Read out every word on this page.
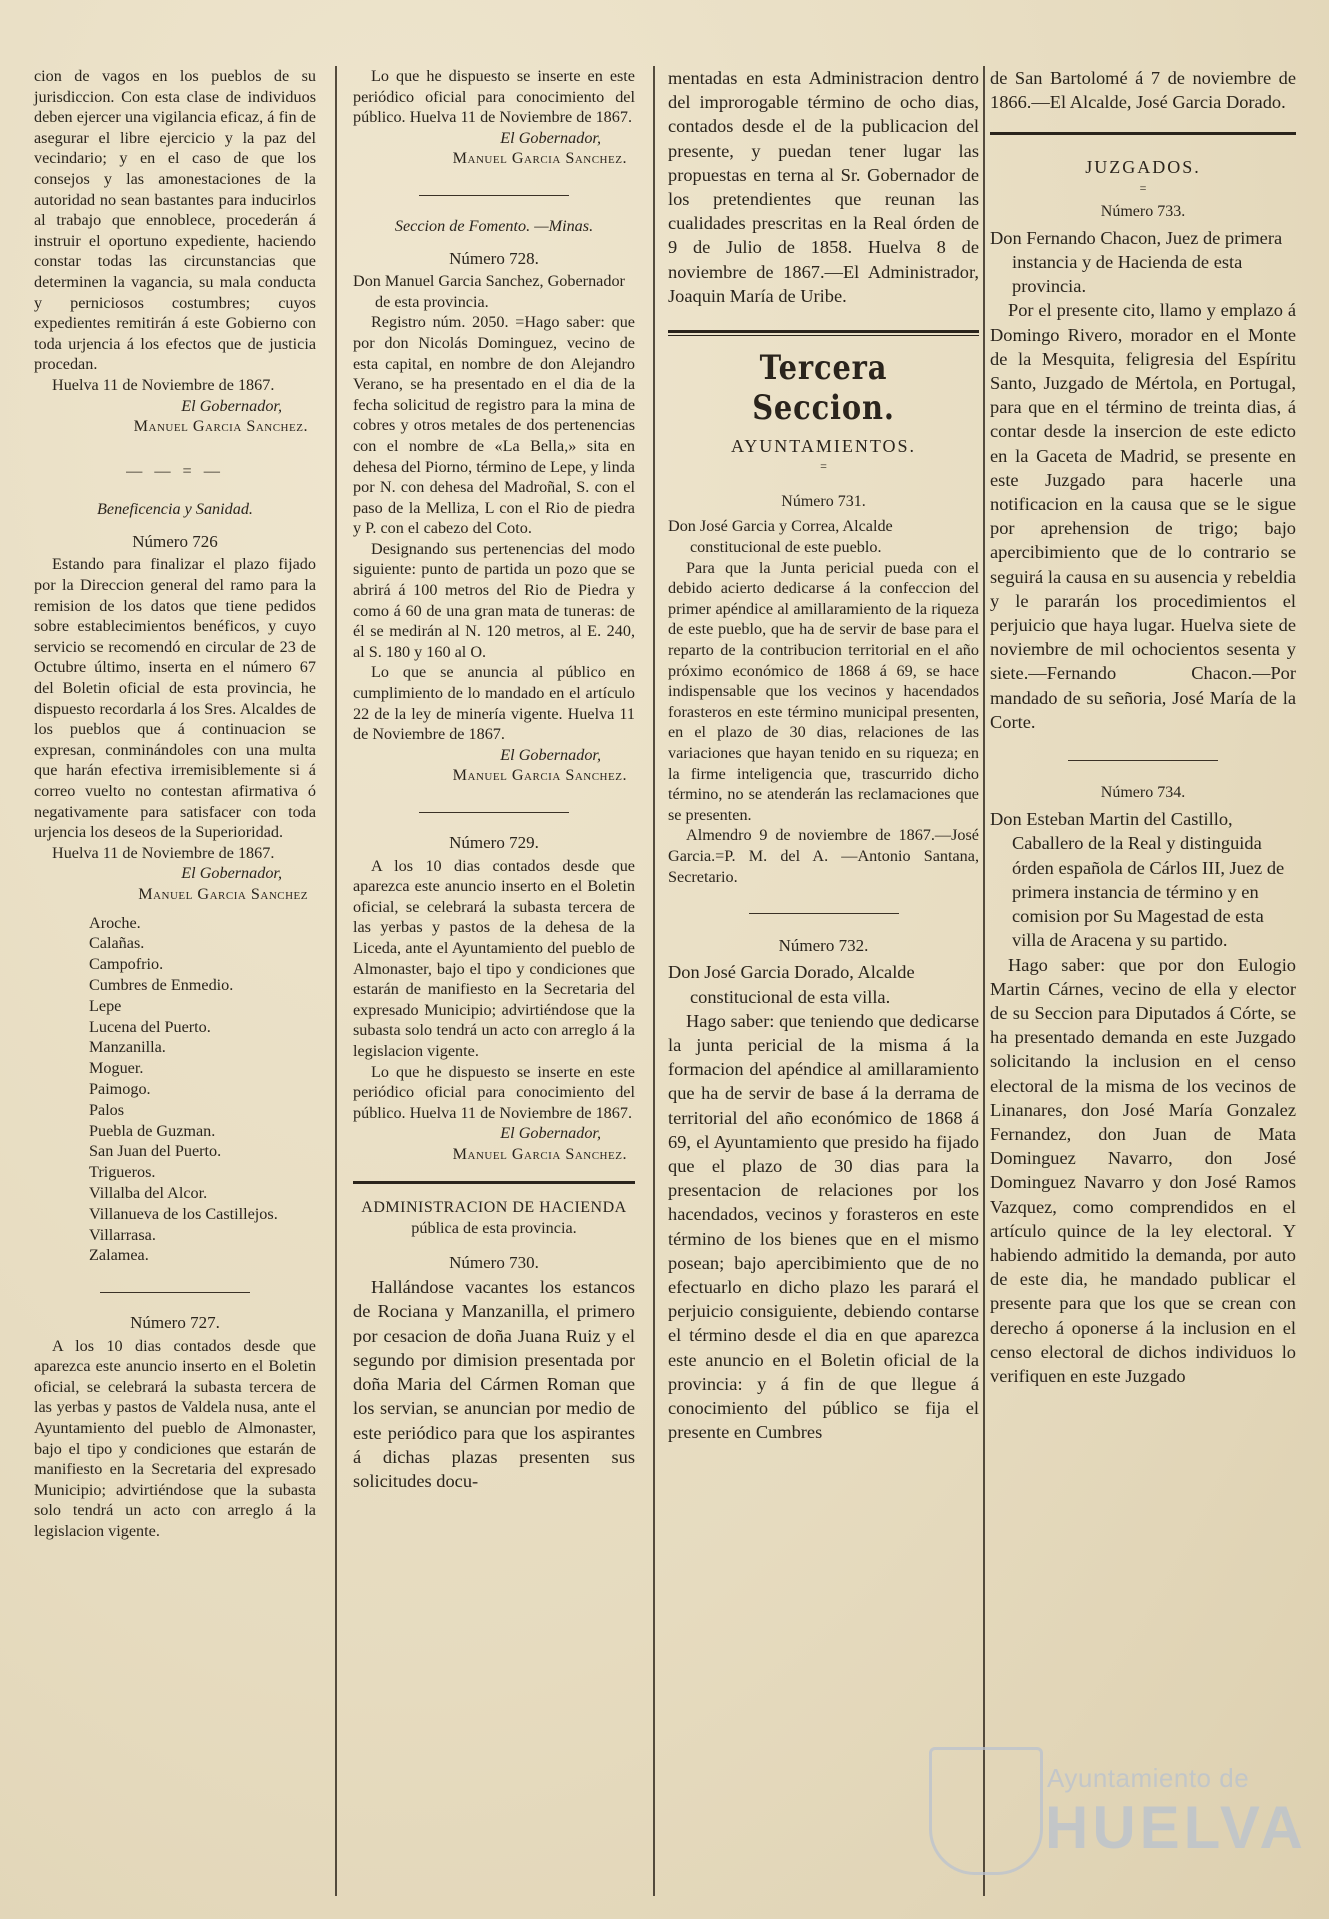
cion de vagos en los pueblos de su jurisdiccion. Con esta clase de individuos deben ejercer una vigilancia eficaz, á fin de asegurar el libre ejercicio y la paz del vecindario; y en el caso de que los consejos y las amonestaciones de la autoridad no sean bastantes para inducirlos al trabajo que ennoblece, procederán á instruir el oportuno expediente, haciendo constar todas las circunstancias que determinen la vagancia, su mala conducta y perniciosos costumbres; cuyos expedientes remitirán á este Gobierno con toda urjencia á los efectos que de justicia procedan.

Huelva 11 de Noviembre de 1867.

El Gobernador,
Manuel Garcia Sanchez.
— — = —
Beneficencia y Sanidad.
Número 726

Estando para finalizar el plazo fijado por la Direccion general del ramo para la remision de los datos que tiene pedidos sobre establecimientos benéficos, y cuyo servicio se recomendó en circular de 23 de Octubre último, inserta en el número 67 del Boletin oficial de esta provincia, he dispuesto recordarla á los Sres. Alcaldes de los pueblos que á continuacion se expresan, conminándoles con una multa que harán efectiva irremisiblemente si á correo vuelto no contestan afirmativa ó negativamente para satisfacer con toda urjencia los deseos de la Superioridad.

Huelva 11 de Noviembre de 1867.

El Gobernador,
Manuel Garcia Sanchez
Aroche.
Calañas.
Campofrio.
Cumbres de Enmedio.
Lepe
Lucena del Puerto.
Manzanilla.
Moguer.
Paimogo.
Palos
Puebla de Guzman.
San Juan del Puerto.
Trigueros.
Villalba del Alcor.
Villanueva de los Castillejos.
Villarrasa.
Zalamea.
Número 727.

A los 10 dias contados desde que aparezca este anuncio inserto en el Boletin oficial, se celebrará la subasta tercera de las yerbas y pastos de Valdela nusa, ante el Ayuntamiento del pueblo de Almonaster, bajo el tipo y condiciones que estarán de manifiesto en la Secretaria del expresado Municipio; advirtiéndose que la subasta solo tendrá un acto con arreglo á la legislacion vigente.

Lo que he dispuesto se inserte en este periódico oficial para conocimiento del público. Huelva 11 de Noviembre de 1867.

El Gobernador,
Manuel Garcia Sanchez.
Seccion de Fomento. —Minas.
Número 728.

Don Manuel Garcia Sanchez, Gobernador de esta provincia.

Registro núm. 2050. =Hago saber: que por don Nicolás Dominguez, vecino de esta capital, en nombre de don Alejandro Verano, se ha presentado en el dia de la fecha solicitud de registro para la mina de cobres y otros metales de dos pertenencias con el nombre de «La Bella,» sita en dehesa del Piorno, término de Lepe, y linda por N. con dehesa del Madroñal, S. con el paso de la Melliza, L con el Rio de piedra y P. con el cabezo del Coto.

Designando sus pertenencias del modo siguiente: punto de partida un pozo que se abrirá á 100 metros del Rio de Piedra y como á 60 de una gran mata de tuneras: de él se medirán al N. 120 metros, al E. 240, al S. 180 y 160 al O.

Lo que se anuncia al público en cumplimiento de lo mandado en el artículo 22 de la ley de minería vigente. Huelva 11 de Noviembre de 1867.

El Gobernador,
Manuel Garcia Sanchez.
Número 729.

A los 10 dias contados desde que aparezca este anuncio inserto en el Boletin oficial, se celebrará la subasta tercera de las yerbas y pastos de la dehesa de la Liceda, ante el Ayuntamiento del pueblo de Almonaster, bajo el tipo y condiciones que estarán de manifiesto en la Secretaria del expresado Municipio; advirtiéndose que la subasta solo tendrá un acto con arreglo á la legislacion vigente.

Lo que he dispuesto se inserte en este periódico oficial para conocimiento del público. Huelva 11 de Noviembre de 1867.

El Gobernador,
Manuel Garcia Sanchez.
ADMINISTRACION DE HACIENDA
pública de esta provincia.
Número 730.

Hallándose vacantes los estancos de Rociana y Manzanilla, el primero por cesacion de doña Juana Ruiz y el segundo por dimision presentada por doña Maria del Cármen Roman que los servian, se anuncian por medio de este periódico para que los aspirantes á dichas plazas presenten sus solicitudes docu-

mentadas en esta Administracion dentro del improrogable término de ocho dias, contados desde el de la publicacion del presente, y puedan tener lugar las propuestas en terna al Sr. Gobernador de los pretendientes que reunan las cualidades prescritas en la Real órden de 9 de Julio de 1858. Huelva 8 de noviembre de 1867.—El Administrador, Joaquin María de Uribe.

Tercera Seccion.
AYUNTAMIENTOS.
=
Número 731.

Don José Garcia y Correa, Alcalde constitucional de este pueblo.

Para que la Junta pericial pueda con el debido acierto dedicarse á la confeccion del primer apéndice al amillaramiento de la riqueza de este pueblo, que ha de servir de base para el reparto de la contribucion territorial en el año próximo económico de 1868 á 69, se hace indispensable que los vecinos y hacendados forasteros en este término municipal presenten, en el plazo de 30 dias, relaciones de las variaciones que hayan tenido en su riqueza; en la firme inteligencia que, trascurrido dicho término, no se atenderán las reclamaciones que se presenten.

Almendro 9 de noviembre de 1867.—José Garcia.=P. M. del A. —Antonio Santana, Secretario.

Número 732.

Don José Garcia Dorado, Alcalde constitucional de esta villa.

Hago saber: que teniendo que dedicarse la junta pericial de la misma á la formacion del apéndice al amillaramiento que ha de servir de base á la derrama de territorial del año económico de 1868 á 69, el Ayuntamiento que presido ha fijado que el plazo de 30 dias para la presentacion de relaciones por los hacendados, vecinos y forasteros en este término de los bienes que en el mismo posean; bajo apercibimiento que de no efectuarlo en dicho plazo les parará el perjuicio consiguiente, debiendo contarse el término desde el dia en que aparezca este anuncio en el Boletin oficial de la provincia: y á fin de que llegue á conocimiento del público se fija el presente en Cumbres

de San Bartolomé á 7 de noviembre de 1866.—El Alcalde, José Garcia Dorado.

JUZGADOS.
=
Número 733.

Don Fernando Chacon, Juez de primera instancia y de Hacienda de esta provincia.

Por el presente cito, llamo y emplazo á Domingo Rivero, morador en el Monte de la Mesquita, feligresia del Espíritu Santo, Juzgado de Mértola, en Portugal, para que en el término de treinta dias, á contar desde la insercion de este edicto en la Gaceta de Madrid, se presente en este Juzgado para hacerle una notificacion en la causa que se le sigue por aprehension de trigo; bajo apercibimiento que de lo contrario se seguirá la causa en su ausencia y rebeldia y le pararán los procedimientos el perjuicio que haya lugar. Huelva siete de noviembre de mil ochocientos sesenta y siete.—Fernando Chacon.—Por mandado de su señoria, José María de la Corte.

Número 734.

Don Esteban Martin del Castillo, Caballero de la Real y distinguida órden española de Cárlos III, Juez de primera instancia de término y en comision por Su Magestad de esta villa de Aracena y su partido.

Hago saber: que por don Eulogio Martin Cárnes, vecino de ella y elector de su Seccion para Diputados á Córte, se ha presentado demanda en este Juzgado solicitando la inclusion en el censo electoral de la misma de los vecinos de Linanares, don José María Gonzalez Fernandez, don Juan de Mata Dominguez Navarro, don José Dominguez Navarro y don José Ramos Vazquez, como comprendidos en el artículo quince de la ley electoral. Y habiendo admitido la demanda, por auto de este dia, he mandado publicar el presente para que los que se crean con derecho á oponerse á la inclusion en el censo electoral de dichos individuos lo verifiquen en este Juzgado

Ayuntamiento de
HUELVA
